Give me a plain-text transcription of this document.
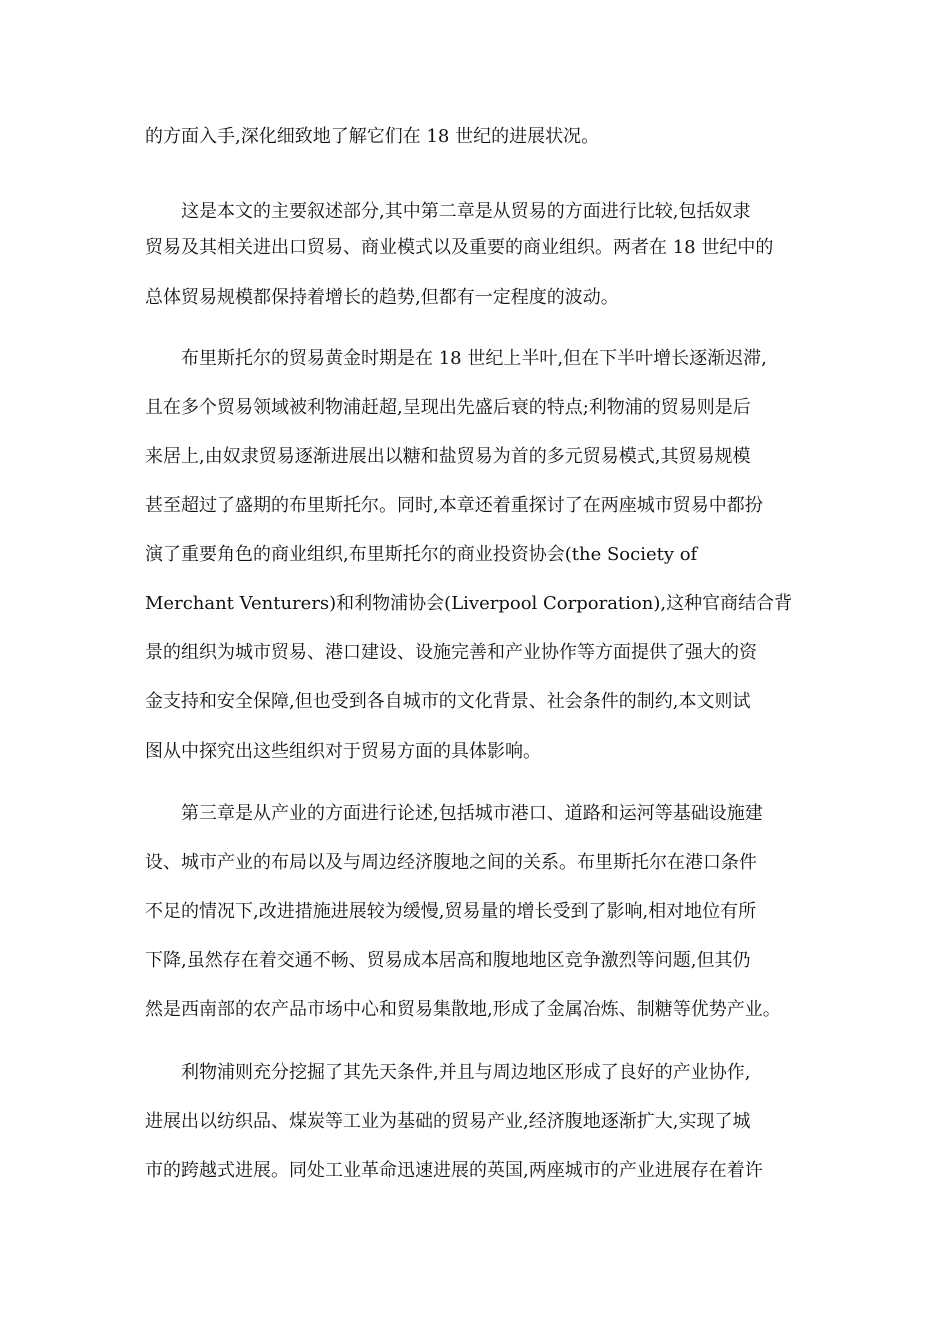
的方面入手,深化细致地了解它们在 18 世纪的进展状况。
这是本文的主要叙述部分,其中第二章是从贸易的方面进行比较,包括奴隶
贸易及其相关进出口贸易、商业模式以及重要的商业组织。两者在 18 世纪中的
总体贸易规模都保持着增长的趋势,但都有一定程度的波动。
布里斯托尔的贸易黄金时期是在 18 世纪上半叶,但在下半叶增长逐渐迟滞,
且在多个贸易领域被利物浦赶超,呈现出先盛后衰的特点;利物浦的贸易则是后
来居上,由奴隶贸易逐渐进展出以糖和盐贸易为首的多元贸易模式,其贸易规模
甚至超过了盛期的布里斯托尔。同时,本章还着重探讨了在两座城市贸易中都扮
演了重要角色的商业组织,布里斯托尔的商业投资协会(the Society of
Merchant Venturers)和利物浦协会(Liverpool Corporation),这种官商结合背
景的组织为城市贸易、港口建设、设施完善和产业协作等方面提供了强大的资
金支持和安全保障,但也受到各自城市的文化背景、社会条件的制约,本文则试
图从中探究出这些组织对于贸易方面的具体影响。
第三章是从产业的方面进行论述,包括城市港口、道路和运河等基础设施建
设、城市产业的布局以及与周边经济腹地之间的关系。布里斯托尔在港口条件
不足的情况下,改进措施进展较为缓慢,贸易量的增长受到了影响,相对地位有所
下降,虽然存在着交通不畅、贸易成本居高和腹地地区竞争激烈等问题,但其仍
然是西南部的农产品市场中心和贸易集散地,形成了金属冶炼、制糖等优势产业。
利物浦则充分挖掘了其先天条件,并且与周边地区形成了良好的产业协作,
进展出以纺织品、煤炭等工业为基础的贸易产业,经济腹地逐渐扩大,实现了城
市的跨越式进展。同处工业革命迅速进展的英国,两座城市的产业进展存在着许
